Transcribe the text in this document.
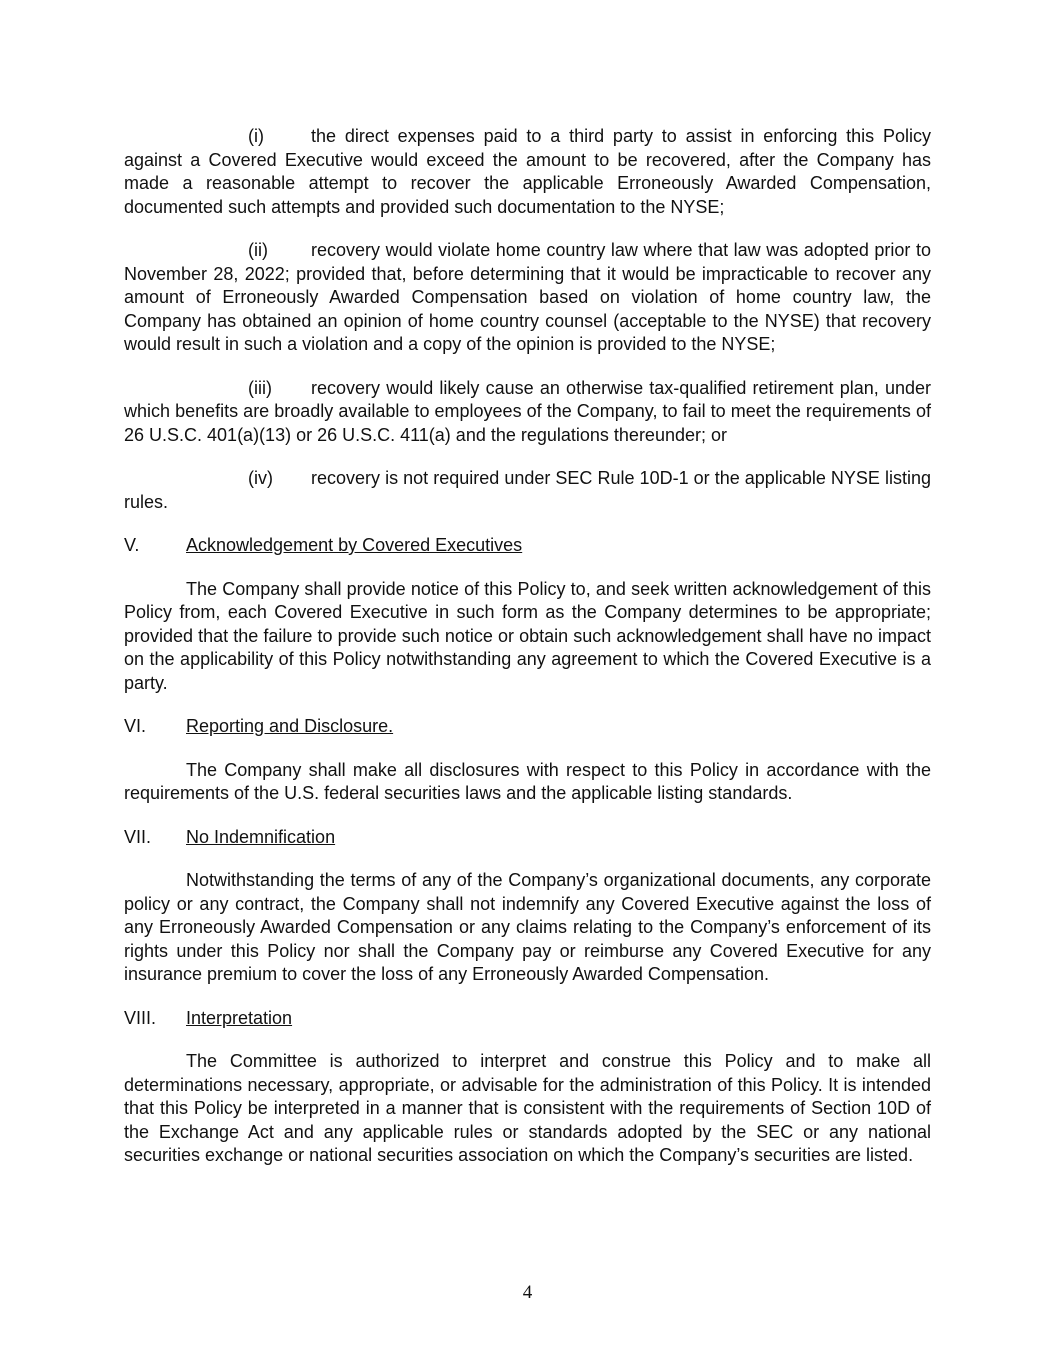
(i)	the direct expenses paid to a third party to assist in enforcing this Policy against a Covered Executive would exceed the amount to be recovered, after the Company has made a reasonable attempt to recover the applicable Erroneously Awarded Compensation, documented such attempts and provided such documentation to the NYSE;

(ii) recovery would violate home country law where that law was adopted prior to November 28, 2022; provided that, before determining that it would be impracticable to recover any amount of Erroneously Awarded Compensation based on violation of home country law, the Company has obtained an opinion of home country counsel (acceptable to the NYSE) that recovery would result in such a violation and a copy of the opinion is provided to the NYSE;

(iii) recovery would likely cause an otherwise tax-qualified retirement plan, under which benefits are broadly available to employees of the Company, to fail to meet the requirements of 26 U.S.C. 401(a)(13) or 26 U.S.C. 411(a) and the regulations thereunder; or

(iv) recovery is not required under SEC Rule 10D-1 or the applicable NYSE listing rules.

V.	Acknowledgement by Covered Executives

The Company shall provide notice of this Policy to, and seek written acknowledgement of this Policy from, each Covered Executive in such form as the Company determines to be appropriate; provided that the failure to provide such notice or obtain such acknowledgement shall have no impact on the applicability of this Policy notwithstanding any agreement to which the Covered Executive is a party.

VI.	Reporting and Disclosure.

The Company shall make all disclosures with respect to this Policy in accordance with the requirements of the U.S. federal securities laws and the applicable listing standards.

VII.	No Indemnification

Notwithstanding the terms of any of the Company’s organizational documents, any corporate policy or any contract, the Company shall not indemnify any Covered Executive against the loss of any Erroneously Awarded Compensation or any claims relating to the Company’s enforcement of its rights under this Policy nor shall the Company pay or reimburse any Covered Executive for any insurance premium to cover the loss of any Erroneously Awarded Compensation.

VIII.	Interpretation

The Committee is authorized to interpret and construe this Policy and to make all determinations necessary, appropriate, or advisable for the administration of this Policy. It is intended that this Policy be interpreted in a manner that is consistent with the requirements of Section 10D of the Exchange Act and any applicable rules or standards adopted by the SEC or any national securities exchange or national securities association on which the Company’s securities are listed.

4
